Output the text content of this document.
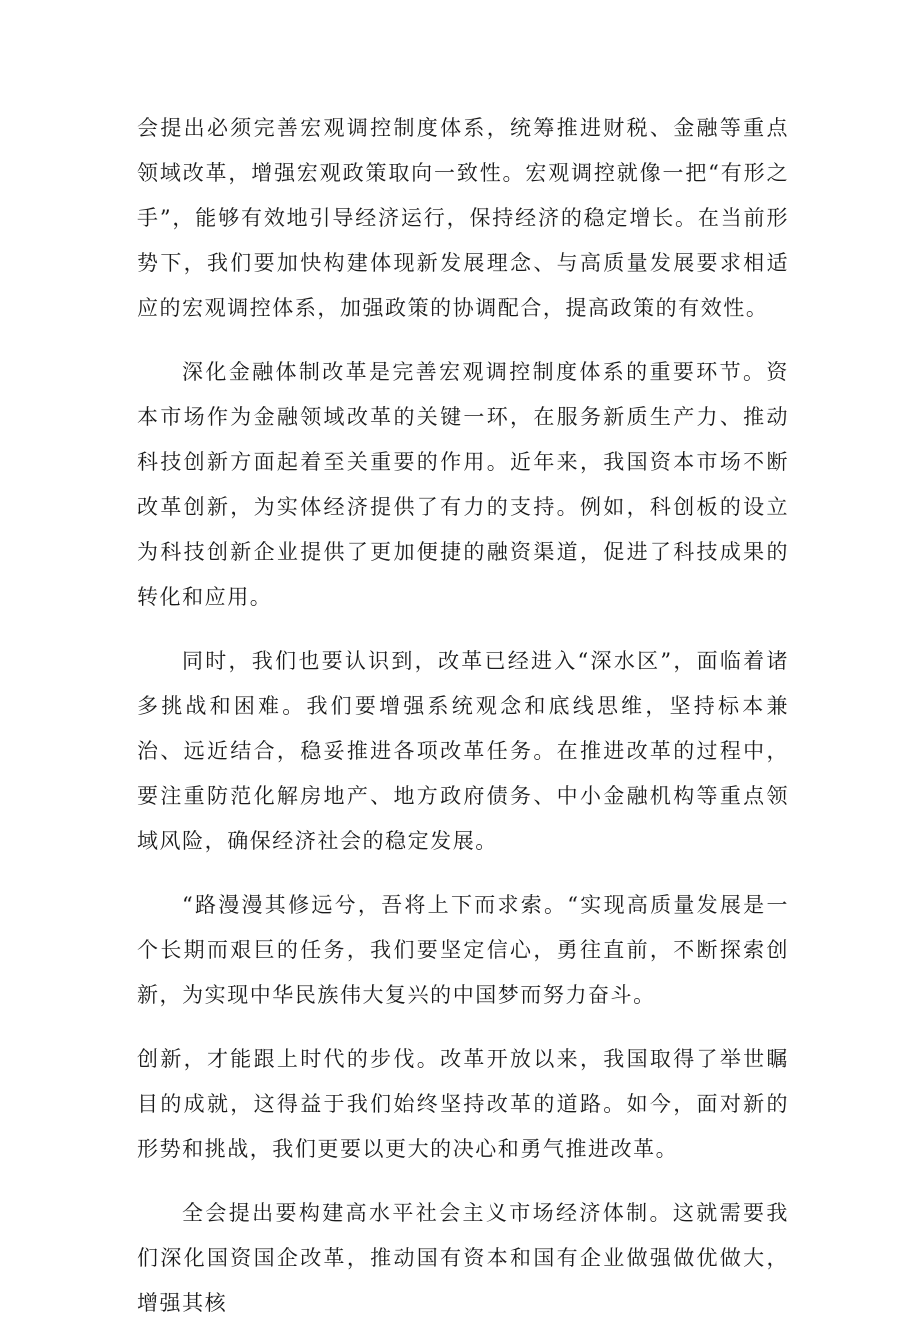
会提出必须完善宏观调控制度体系，统筹推进财税、金融等重点领域改革，增强宏观政策取向一致性。宏观调控就像一把“有形之手”，能够有效地引导经济运行，保持经济的稳定增长。在当前形势下，我们要加快构建体现新发展理念、与高质量发展要求相适应的宏观调控体系，加强政策的协调配合，提高政策的有效性。

深化金融体制改革是完善宏观调控制度体系的重要环节。资本市场作为金融领域改革的关键一环，在服务新质生产力、推动科技创新方面起着至关重要的作用。近年来，我国资本市场不断改革创新，为实体经济提供了有力的支持。例如，科创板的设立为科技创新企业提供了更加便捷的融资渠道，促进了科技成果的转化和应用。

同时，我们也要认识到，改革已经进入“深水区”，面临着诸多挑战和困难。我们要增强系统观念和底线思维，坚持标本兼治、远近结合，稳妥推进各项改革任务。在推进改革的过程中，要注重防范化解房地产、地方政府债务、中小金融机构等重点领域风险，确保经济社会的稳定发展。

“路漫漫其修远兮，吾将上下而求索。“实现高质量发展是一个长期而艰巨的任务，我们要坚定信心，勇往直前，不断探索创新，为实现中华民族伟大复兴的中国梦而努力奋斗。

创新，才能跟上时代的步伐。改革开放以来，我国取得了举世瞩目的成就，这得益于我们始终坚持改革的道路。如今，面对新的形势和挑战，我们更要以更大的决心和勇气推进改革。

全会提出要构建高水平社会主义市场经济体制。这就需要我们深化国资国企改革，推动国有资本和国有企业做强做优做大，增强其核
